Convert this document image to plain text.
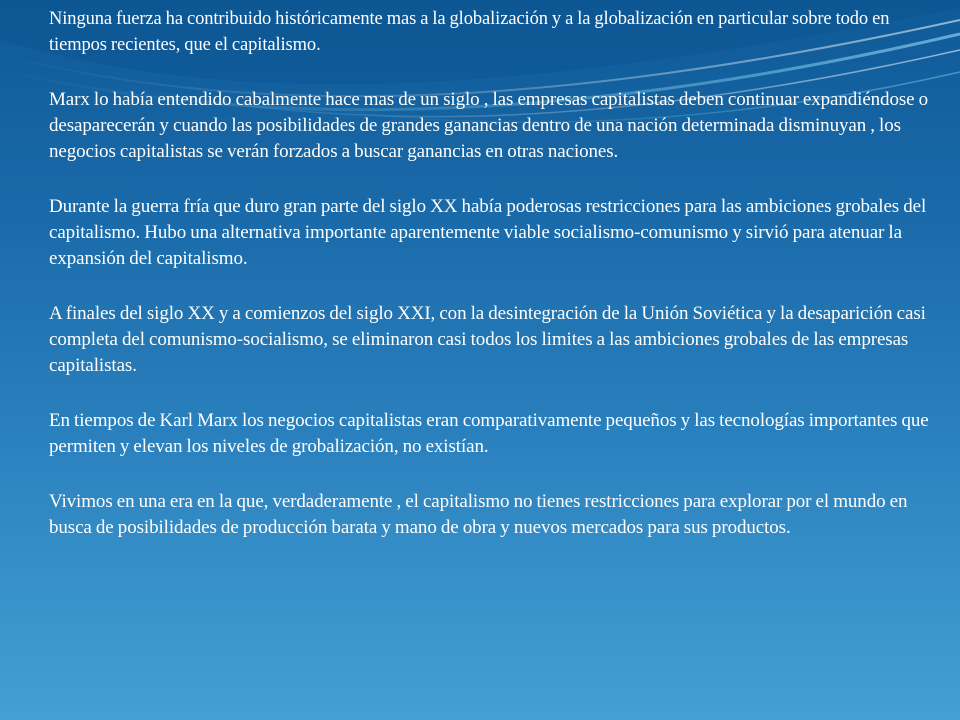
Ninguna fuerza ha contribuido históricamente mas a la globalización y a la globalización en particular sobre todo en tiempos recientes, que el capitalismo.

Marx lo había entendido cabalmente hace mas de un siglo , las empresas capitalistas deben continuar expandiéndose o desaparecerán y cuando las posibilidades de grandes ganancias dentro de una nación determinada disminuyan , los negocios capitalistas se verán forzados a buscar ganancias en otras naciones.

Durante la guerra fría que duro gran parte del siglo XX había poderosas restricciones para las ambiciones grobales del capitalismo. Hubo una alternativa importante aparentemente viable socialismo-comunismo y sirvió para atenuar la expansión del capitalismo.

A finales del siglo XX y a comienzos del siglo XXI, con la desintegración de la Unión Soviética y la desaparición casi completa del comunismo-socialismo, se eliminaron casi todos los limites a las ambiciones grobales de las empresas capitalistas.

En tiempos de Karl Marx los negocios capitalistas eran comparativamente pequeños y las tecnologías importantes que permiten y elevan los niveles de grobalización, no existían.

Vivimos en una era en la que, verdaderamente , el capitalismo no tienes restricciones para explorar por el mundo en busca de posibilidades de producción barata y mano de obra y nuevos mercados para sus productos.
